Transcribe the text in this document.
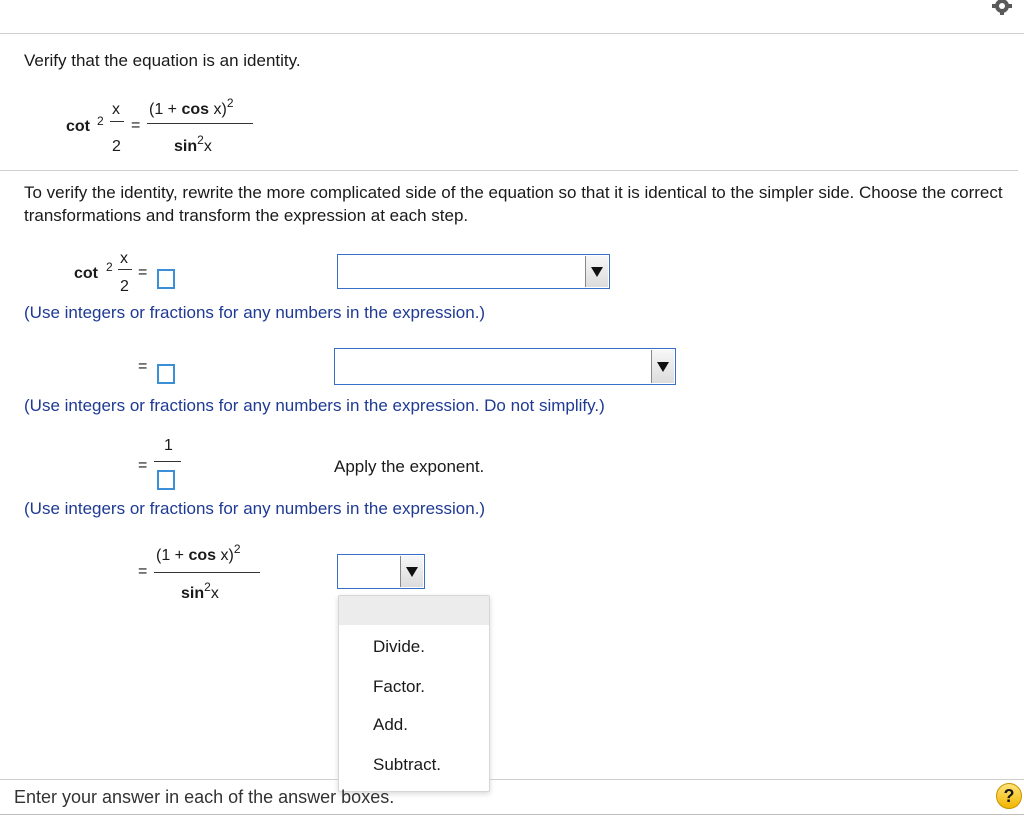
Verify that the equation is an identity.
cot 2
x
2
=
$(1 + \cos x)^2$
$\sin^2x$
To verify the identity, rewrite the more complicated side of the equation so that it is identical to the simpler side. Choose the correct transformations and transform the expression at each step.
cot 2 x
2
=
(Use integers or fractions for any numbers in the expression.)
=
(Use integers or fractions for any numbers in the expression. Do not simplify.)
=
1
Apply the exponent.
(Use integers or fractions for any numbers in the expression.)
=
$(1 + \cos x)^2$
$\sin^2x$
Divide.
Factor.
Add.
Subtract.
Enter your answer in each of the answer boxes.	?
